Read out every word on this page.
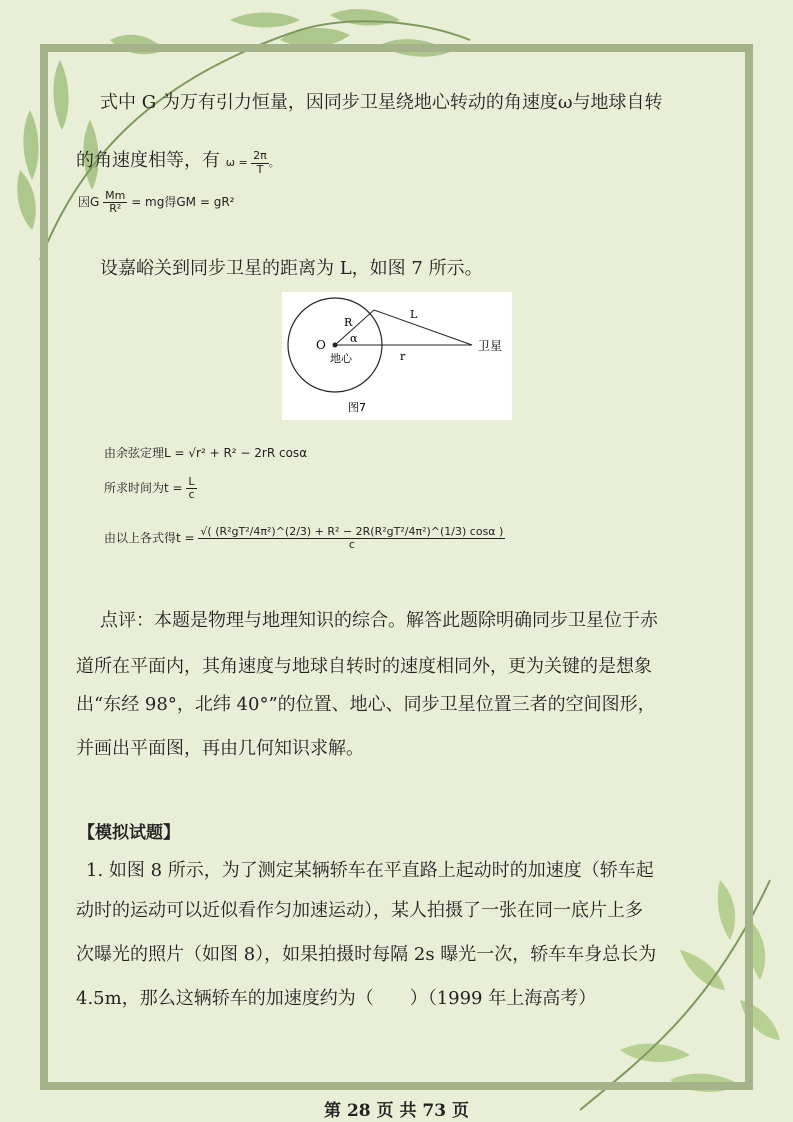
式中 G 为万有引力恒量，因同步卫星绕地心转动的角速度ω与地球自转
的角速度相等，有 $\omega = \frac{2\pi}{T}$ 。
因G $\frac{Mm}{\text{R²}}$ = mg得GM = gR²
设嘉峪关到同步卫星的距离为 L，如图 7 所示。
O
R
α
地心
L
r
卫星
图7
由余弦定理L = √r² + R² − 2rR cosα
所求时间为$t = \frac{L}{c}$
由以上各式得$t = \frac{\text{√( (R²gT²/4π²)\textasciicircum{}(2/3) + R² − 2R(R²gT²/4π²)\textasciicircum{}(1/3) cosα )}}{c}$
点评：本题是物理与地理知识的综合。解答此题除明确同步卫星位于赤
道所在平面内，其角速度与地球自转时的速度相同外，更为关键的是想象
出“东经 98°，北纬 40°”的位置、地心、同步卫星位置三者的空间图形，
并画出平面图，再由几何知识求解。
【模拟试题】
1. 如图 8 所示，为了测定某辆轿车在平直路上起动时的加速度（轿车起
动时的运动可以近似看作匀加速运动），某人拍摄了一张在同一底片上多
次曝光的照片（如图 8），如果拍摄时每隔 2s 曝光一次，轿车车身总长为
4.5m，那么这辆轿车的加速度约为（　　）（1999 年上海高考）
第 28 页 共 73 页
